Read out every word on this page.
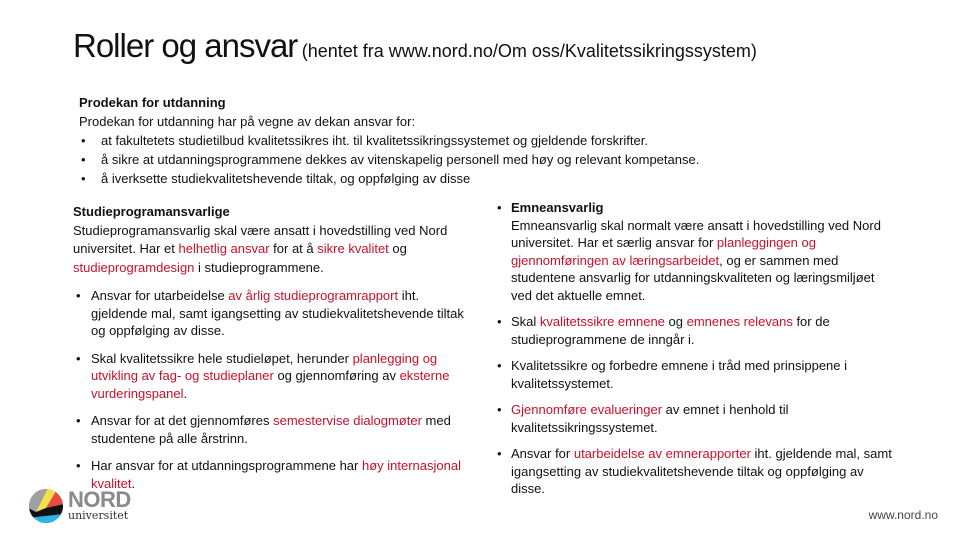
Roller og ansvar (hentet fra www.nord.no/Om oss/Kvalitetssikringssystem)

Prodekan for utdanning

Prodekan for utdanning har på vegne av dekan ansvar for:

• at fakultetets studietilbud kvalitetssikres iht. til kvalitetssikringssystemet og gjeldende forskrifter.
• å sikre at utdanningsprogrammene dekkes av vitenskapelig personell med høy og relevant kompetanse.
• å iverksette studiekvalitetshevende tiltak, og oppfølging av disse

Studieprogramansvarlige

Studieprogramansvarlig skal være ansatt i hovedstilling ved Nord universitet. Har et helhetlig ansvar for at å sikre kvalitet og studieprogramdesign i studieprogrammene.

• Ansvar for utarbeidelse av årlig studieprogramrapport iht. gjeldende mal, samt igangsetting av studiekvalitetshevende tiltak og oppfølging av disse.
• Skal kvalitetssikre hele studieløpet, herunder planlegging og utvikling av fag- og studieplaner og gjennomføring av eksterne vurderingspanel.
• Ansvar for at det gjennomføres semestervise dialogmøter med studentene på alle årstrinn.
• Har ansvar for at utdanningsprogrammene har høy internasjonal kvalitet.
• Emneansvarlig
Emneansvarlig skal normalt være ansatt i hovedstilling ved Nord universitet. Har et særlig ansvar for planleggingen og gjennomføringen av læringsarbeidet, og er sammen med studentene ansvarlig for utdanningskvaliteten og læringsmiljøet ved det aktuelle emnet.
• Skal kvalitetssikre emnene og emnenes relevans for de studieprogrammene de inngår i.
• Kvalitetssikre og forbedre emnene i tråd med prinsippene i kvalitetssystemet.
• Gjennomføre evalueringer av emnet i henhold til kvalitetssikringssystemet.
• Ansvar for utarbeidelse av emnerapporter iht. gjeldende mal, samt igangsetting av studiekvalitetshevende tiltak og oppfølging av disse.
NORD
universitet	www.nord.no
